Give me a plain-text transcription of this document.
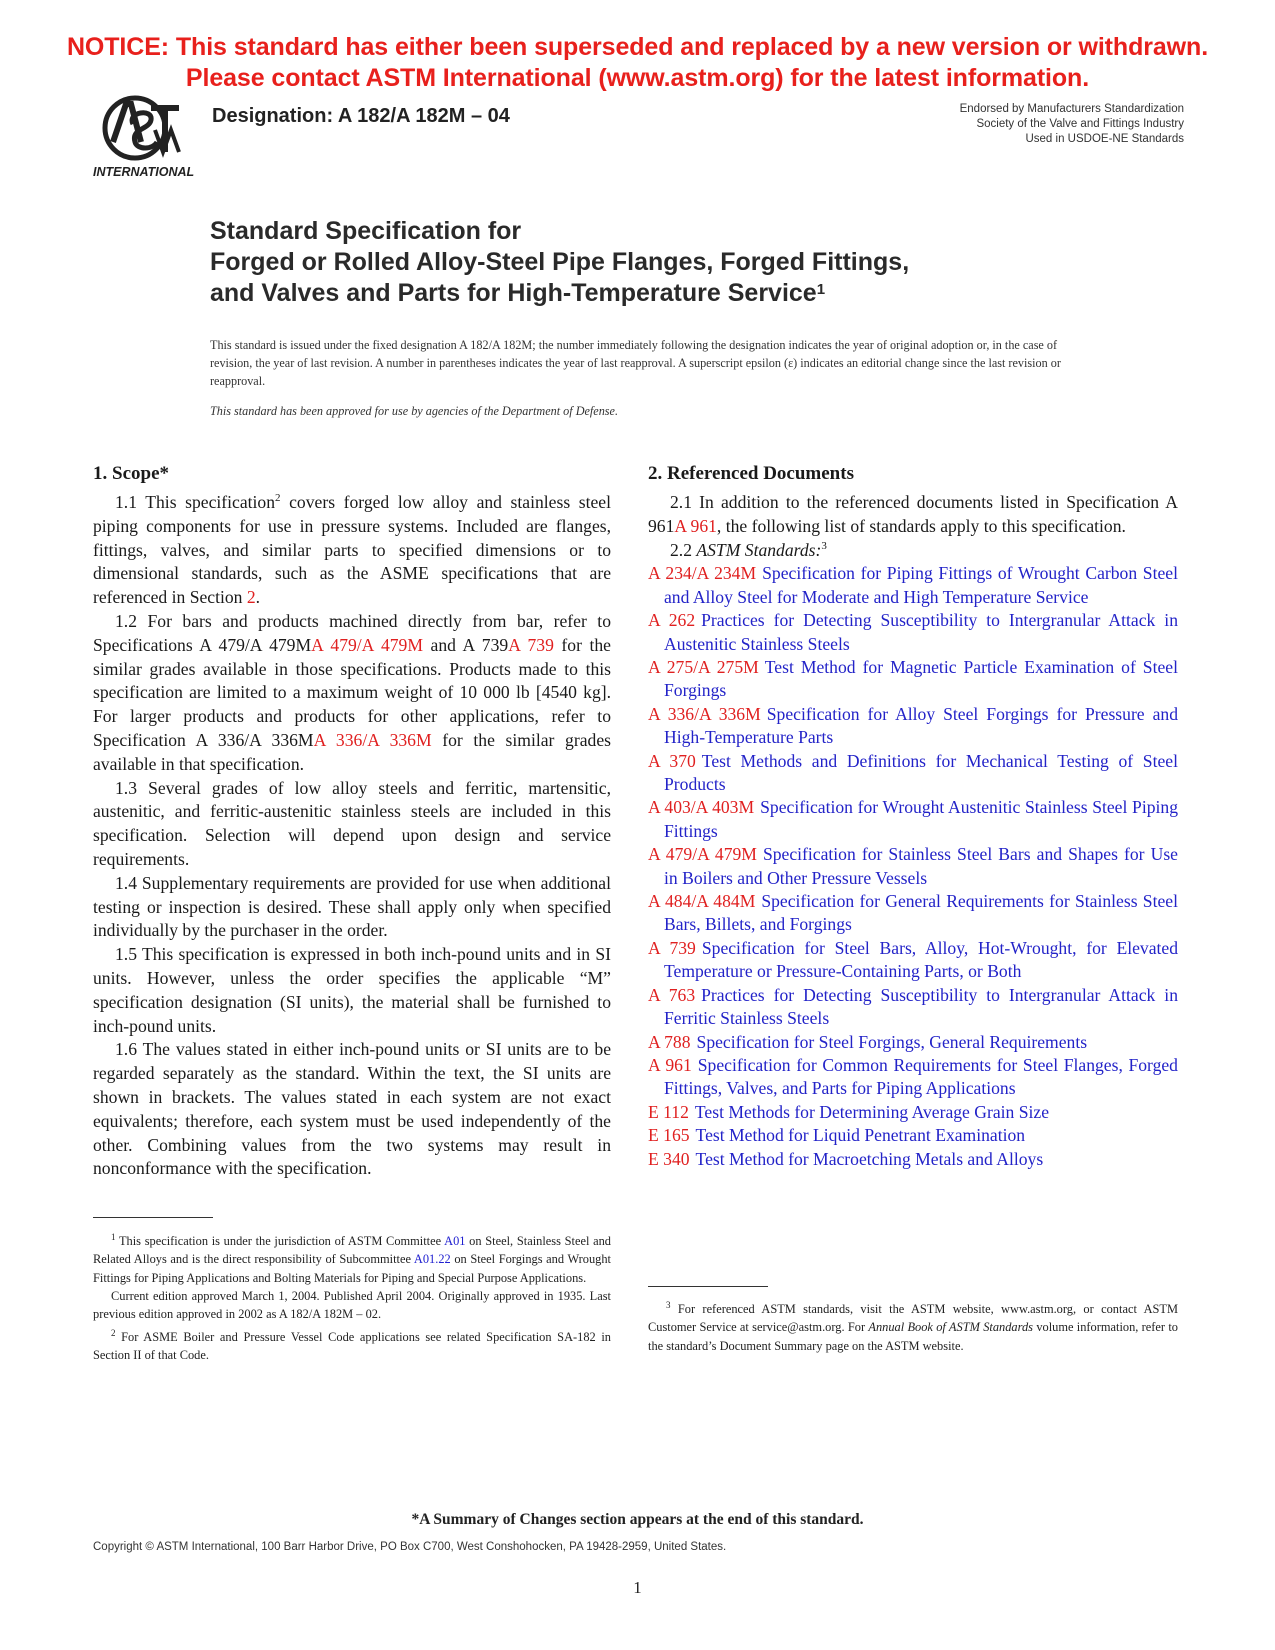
NOTICE: This standard has either been superseded and replaced by a new version or withdrawn.
Please contact ASTM International (www.astm.org) for the latest information.
INTERNATIONAL
Designation: A 182/A 182M – 04	Endorsed by Manufacturers Standardization
Society of the Valve and Fittings Industry
Used in USDOE-NE Standards
Standard Specification for
Forged or Rolled Alloy-Steel Pipe Flanges, Forged Fittings,
and Valves and Parts for High-Temperature Service$^1$
This standard is issued under the fixed designation A 182/A 182M; the number immediately following the designation indicates the year of original adoption or, in the case of revision, the year of last revision. A number in parentheses indicates the year of last reapproval. A superscript epsilon (ε) indicates an editorial change since the last revision or reapproval.
This standard has been approved for use by agencies of the Department of Defense.
1. Scope*

1.1 This specification$^2$ covers forged low alloy and stainless steel piping components for use in pressure systems. Included are flanges, fittings, valves, and similar parts to specified dimensions or to dimensional standards, such as the ASME specifications that are referenced in Section 2.

1.2 For bars and products machined directly from bar, refer to Specifications A 479/A 479MA 479/A 479M and A 739A 739 for the similar grades available in those specifications. Products made to this specification are limited to a maximum weight of 10 000 lb [4540 kg]. For larger products and products for other applications, refer to Specification A 336/A 336MA 336/A 336M for the similar grades available in that specification.

1.3 Several grades of low alloy steels and ferritic, martensitic, austenitic, and ferritic-austenitic stainless steels are included in this specification. Selection will depend upon design and service requirements.

1.4 Supplementary requirements are provided for use when additional testing or inspection is desired. These shall apply only when specified individually by the purchaser in the order.

1.5 This specification is expressed in both inch-pound units and in SI units. However, unless the order specifies the applicable “M” specification designation (SI units), the material shall be furnished to inch-pound units.

1.6 The values stated in either inch-pound units or SI units are to be regarded separately as the standard. Within the text, the SI units are shown in brackets. The values stated in each system are not exact equivalents; therefore, each system must be used independently of the other. Combining values from the two systems may result in nonconformance with the specification.

2. Referenced Documents

2.1 In addition to the referenced documents listed in Specification A 961A 961, the following list of standards apply to this specification.

2.2 ASTM Standards:$^3$

A 234/A 234M Specification for Piping Fittings of Wrought Carbon Steel and Alloy Steel for Moderate and High Temperature Service
A 262 Practices for Detecting Susceptibility to Intergranular Attack in Austenitic Stainless Steels
A 275/A 275M Test Method for Magnetic Particle Examination of Steel Forgings
A 336/A 336M Specification for Alloy Steel Forgings for Pressure and High-Temperature Parts
A 370 Test Methods and Definitions for Mechanical Testing of Steel Products
A 403/A 403M Specification for Wrought Austenitic Stainless Steel Piping Fittings
A 479/A 479M Specification for Stainless Steel Bars and Shapes for Use in Boilers and Other Pressure Vessels
A 484/A 484M Specification for General Requirements for Stainless Steel Bars, Billets, and Forgings
A 739 Specification for Steel Bars, Alloy, Hot-Wrought, for Elevated Temperature or Pressure-Containing Parts, or Both
A 763 Practices for Detecting Susceptibility to Intergranular Attack in Ferritic Stainless Steels
A 788 Specification for Steel Forgings, General Requirements
A 961 Specification for Common Requirements for Steel Flanges, Forged Fittings, Valves, and Parts for Piping Applications
E 112 Test Methods for Determining Average Grain Size
E 165 Test Method for Liquid Penetrant Examination
E 340 Test Method for Macroetching Metals and Alloys

$^1$ This specification is under the jurisdiction of ASTM Committee A01 on Steel, Stainless Steel and Related Alloys and is the direct responsibility of Subcommittee A01.22 on Steel Forgings and Wrought Fittings for Piping Applications and Bolting Materials for Piping and Special Purpose Applications.

Current edition approved March 1, 2004. Published April 2004. Originally approved in 1935. Last previous edition approved in 2002 as A 182/A 182M – 02.

$^2$ For ASME Boiler and Pressure Vessel Code applications see related Specification SA-182 in Section II of that Code.

$^3$ For referenced ASTM standards, visit the ASTM website, www.astm.org, or contact ASTM Customer Service at service@astm.org. For Annual Book of ASTM Standards volume information, refer to the standard’s Document Summary page on the ASTM website.

*A Summary of Changes section appears at the end of this standard.
Copyright © ASTM International, 100 Barr Harbor Drive, PO Box C700, West Conshohocken, PA 19428-2959, United States.
1
